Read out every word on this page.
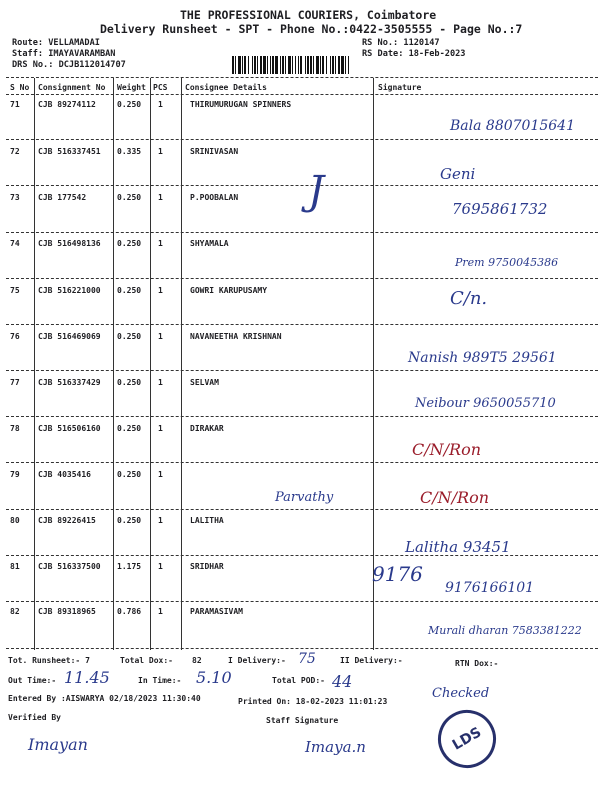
THE PROFESSIONAL COURIERS, Coimbatore
Delivery Runsheet - SPT - Phone No.:0422-3505555 - Page No.:7
Route: VELLAMADAI
Staff: IMAYAVARAMBAN
DRS No.: DCJB112014707
RS No.: 1120147
RS Date: 18-Feb-2023
S No Consignment No Weight PCS Consignee Details	Signature
71 CJB 89274112	0.250 1	THIRUMURUGAN SPINNERS
Bala 8807015641
72 CJB 516337451 0.335 1	SRINIVASAN
Geni
73 CJB 177542	0.250 1	P.POOBALAN
7695861732
J
74 CJB 516498136 0.250 1	SHYAMALA
Prem 9750045386
75 CJB 516221000 0.250 1	GOWRI KARUPUSAMY	C/n.
76 CJB 516469069 0.250 1	NAVANEETHA KRISHNAN
Nanish 989T5 29561
77 CJB 516337429 0.250 1	SELVAM
Neibour 9650055710
78 CJB 516506160 0.250 1	DIRAKAR
C/N/Ron
79 CJB 4035416	0.250 1
Parvathy	C/N/Ron
80 CJB 89226415	0.250 1	LALITHA
Lalitha 93451
81 CJB 516337500 1.175 1	SRIDHAR	9176
9176166101
82 CJB 89318965	0.786 1	PARAMASIVAM
Murali dharan 7583381222
Tot. Runsheet:- 7	Total Dox:- 82	I Delivery:- 75	II Delivery:-	RTN Dox:-
Out Time:- 11.45	In Time:- 5.10	Total POD:- 44
Entered By :AISWARYA 02/18/2023 11:30:40	Printed On: 18-02-2023 11:01:23
Checked
Verified By	Staff Signature
Imayan	Imaya.n	LDS
